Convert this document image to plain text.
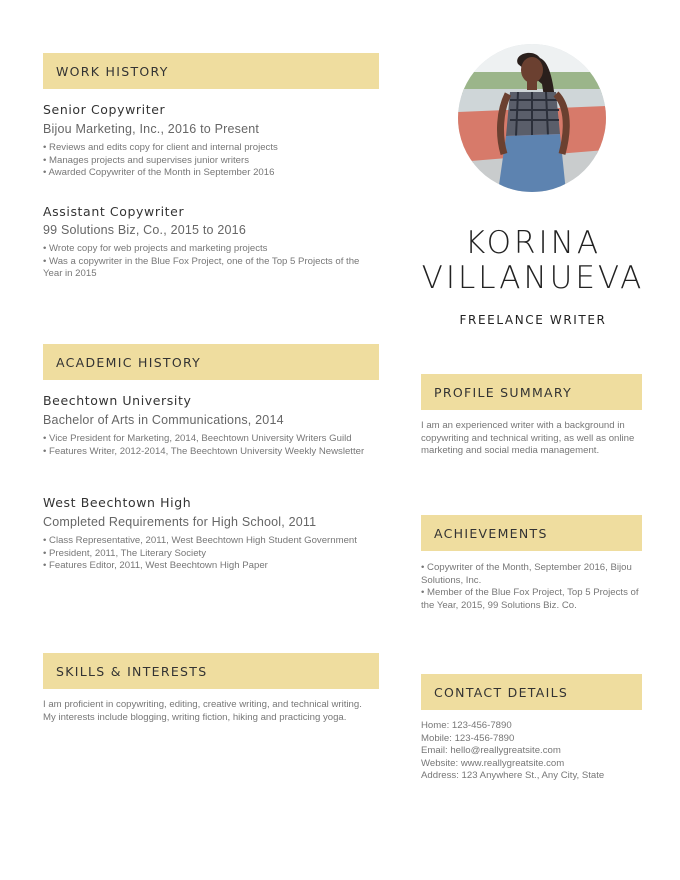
WORK HISTORY
Senior Copywriter
Bijou Marketing, Inc., 2016 to Present
• Reviews and edits copy for client and internal projects
• Manages projects and supervises junior writers
• Awarded Copywriter of the Month in September 2016
Assistant Copywriter
99 Solutions Biz, Co., 2015 to 2016
• Wrote copy for web projects and marketing projects
• Was a copywriter in the Blue Fox Project, one of the Top 5 Projects of the Year in 2015
ACADEMIC HISTORY
Beechtown University
Bachelor of Arts in Communications, 2014
• Vice President for Marketing, 2014, Beechtown University Writers Guild
• Features Writer, 2012-2014, The Beechtown University Weekly Newsletter
West Beechtown High
Completed Requirements for High School, 2011
• Class Representative, 2011, West Beechtown High Student Government
• President, 2011, The Literary Society
• Features Editor, 2011, West Beechtown High Paper
SKILLS & INTERESTS
I am proficient in copywriting, editing, creative writing, and technical writing. My interests include blogging, writing fiction, hiking and practicing yoga.
KORINA
VILLANUEVA
FREELANCE WRITER
PROFILE SUMMARY
I am an experienced writer with a background in copywriting and technical writing, as well as online marketing and social media management.
ACHIEVEMENTS
• Copywriter of the Month, September 2016, Bijou Solutions, Inc.
• Member of the Blue Fox Project, Top 5 Projects of the Year, 2015, 99 Solutions Biz. Co.
CONTACT DETAILS
Home: 123-456-7890
Mobile: 123-456-7890
Email: hello@reallygreatsite.com
Website: www.reallygreatsite.com
Address: 123 Anywhere St., Any City, State
